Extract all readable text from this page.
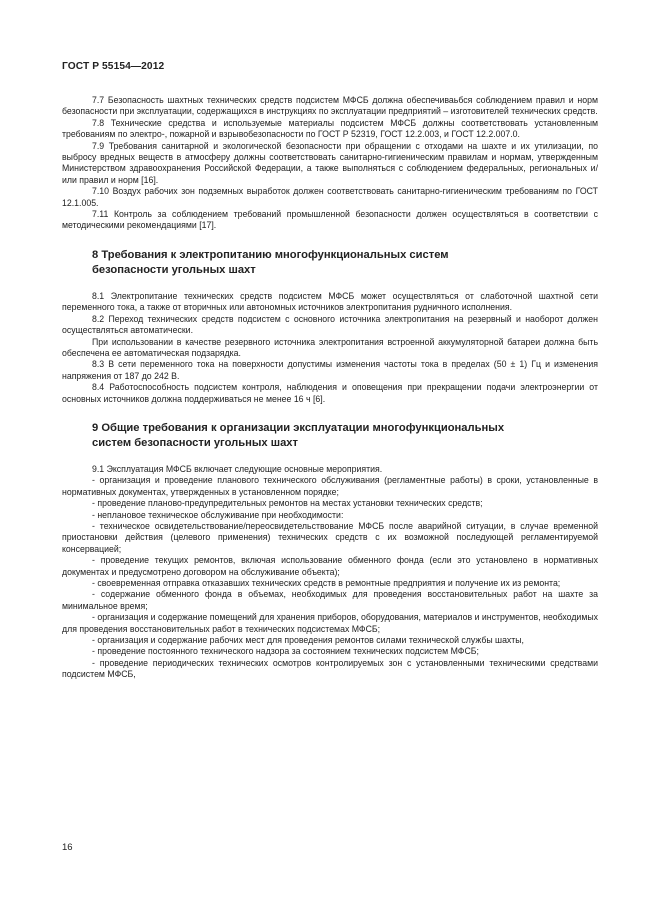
ГОСТ Р 55154—2012

7.7 Безопасность шахтных технических средств подсистем МФСБ должна обеспечиваьбся соблюдением правил и норм безопасности при эксплуатации, содержащихся в инструкциях по эксплуатации предприятий – изготовителей технических средств.

7.8 Технические средства и используемые материалы подсистем МФСБ должны соответствовать установленным требованиям по электро-, пожарной и взрывобезопасности по ГОСТ Р 52319, ГОСТ 12.2.003, и ГОСТ 12.2.007.0.

7.9 Требования санитарной и экологической безопасности при обращении с отходами на шахте и их утилизации, по выбросу вредных веществ в атмосферу должны соответствовать санитарно-гигиеническим правилам и нормам, утвержденным Министерством здравоохранения Российской Федерации, а также выполняться с соблюдением федеральных, региональных и/или правил и норм [16].

7.10 Воздух рабочих зон подземных выработок должен соответствовать санитарно-гигиеническим требованиям по ГОСТ 12.1.005.

7.11 Контроль за соблюдением требований промышленной безопасности должен осуществляться в соответствии с методическими рекомендациями [17].

8 Требования к электропитанию многофункциональных систем
безопасности угольных шахт

8.1 Электропитание технических средств подсистем МФСБ может осуществляться от слаботочной шахтной сети переменного тока, а также от вторичных или автономных источников электропитания рудничного исполнения.

8.2 Переход технических средств подсистем с основного источника электропитания на резервный и наоборот должен осуществляться автоматически.

При использовании в качестве резервного источника электропитания встроенной аккумуляторной батареи должна быть обеспечена ее автоматическая подзарядка.

8.3 В сети переменного тока на поверхности допустимы изменения частоты тока в пределах (50 ± 1) Гц и изменения напряжения от 187 до 242 В.

8.4 Работоспособность подсистем контроля, наблюдения и оповещения при прекращении подачи электроэнергии от основных источников должна поддерживаться не менее 16 ч [6].

9 Общие требования к организации эксплуатации многофункциональных
систем безопасности угольных шахт

9.1 Эксплуатация МФСБ включает следующие основные мероприятия.

- организация и проведение планового технического обслуживания (регламентные работы) в сроки, установленные в нормативных документах, утвержденных в установленном порядке;

- проведение планово-предупредительных ремонтов на местах установки технических средств;

- неплановое техническое обслуживание при необходимости:

- техническое освидетельствование/переосвидетельствование МФСБ после аварийной ситуации, в случае временной приостановки действия (целевого применения) технических средств с их возможной последующей регламентируемой консервацией;

- проведение текущих ремонтов, включая использование обменного фонда (если это установлено в нормативных документах и предусмотрено договором на обслуживание объекта);

- своевременная отправка отказавших технических средств в ремонтные предприятия и получение их из ремонта;

- содержание обменного фонда в объемах, необходимых для проведения восстановительных работ на шахте за минимальное время;

- организация и содержание помещений для хранения приборов, оборудования, материалов и инструментов, необходимых для проведения восстановительных работ в технических подсистемах МФСБ;

- организация и содержание рабочих мест для проведения ремонтов силами технической службы шахты,

- проведение постоянного технического надзора за состоянием технических подсистем МФСБ;

- проведение периодических технических осмотров контролируемых зон с установленными техническими средствами подсистем МФСБ,

16
